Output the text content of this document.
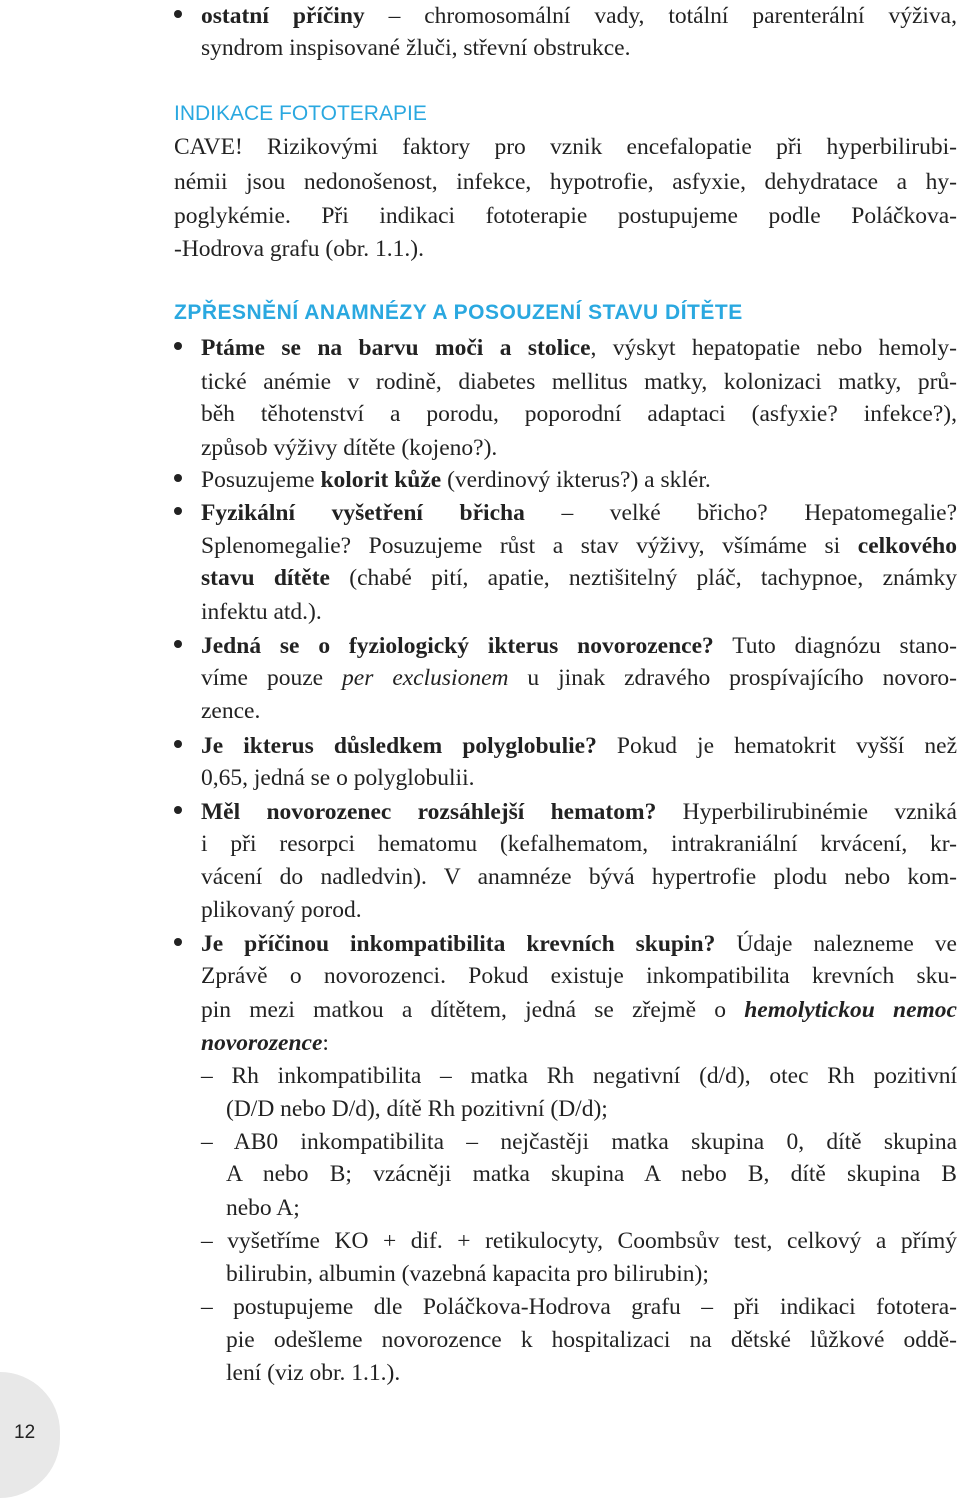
ostatní příčiny – chromosomální vady, totální parenterální výživa,
syndrom inspisované žluči, střevní obstrukce.
INDIKACE FOTOTERAPIE
CAVE! Rizikovými faktory pro vznik encefalopatie při hyperbilirubi-
némii jsou nedonošenost, infekce, hypotrofie, asfyxie, dehydratace a hy-
poglykémie. Při indikaci fototerapie postupujeme podle Poláčkova-
-Hodrova grafu (obr. 1.1.).
ZPŘESNĚNÍ ANAMNÉZY A POSOUZENÍ STAVU DÍTĚTE
Ptáme se na barvu moči a stolice, výskyt hepatopatie nebo hemoly-
tické anémie v rodině, diabetes mellitus matky, kolonizaci matky, prů-
běh těhotenství a porodu, poporodní adaptaci (asfyxie? infekce?),
způsob výživy dítěte (kojeno?).
Posuzujeme kolorit kůže (verdinový ikterus?) a sklér.
Fyzikální vyšetření břicha – velké břicho? Hepatomegalie?
Splenomegalie? Posuzujeme růst a stav výživy, všímáme si celkového
stavu dítěte (chabé pití, apatie, neztišitelný pláč, tachypnoe, známky
infektu atd.).
Jedná se o fyziologický ikterus novorozence? Tuto diagnózu stano-
víme pouze per exclusionem u jinak zdravého prospívajícího novoro-
zence.
Je ikterus důsledkem polyglobulie? Pokud je hematokrit vyšší než
0,65, jedná se o polyglobulii.
Měl novorozenec rozsáhlejší hematom? Hyperbilirubinémie vzniká
i při resorpci hematomu (kefalhematom, intrakraniální krvácení, kr-
vácení do nadledvin). V anamnéze bývá hypertrofie plodu nebo kom-
plikovaný porod.
Je příčinou inkompatibilita krevních skupin? Údaje nalezneme ve
Zprávě o novorozenci. Pokud existuje inkompatibilita krevních sku-
pin mezi matkou a dítětem, jedná se zřejmě o hemolytickou nemoc
novorozence:
– Rh inkompatibilita – matka Rh negativní (d/d), otec Rh pozitivní
(D/D nebo D/d), dítě Rh pozitivní (D/d);
– AB0 inkompatibilita – nejčastěji matka skupina 0, dítě skupina
A nebo B; vzácněji matka skupina A nebo B, dítě skupina B
nebo A;
– vyšetříme KO + dif. + retikulocyty, Coombsův test, celkový a přímý
bilirubin, albumin (vazebná kapacita pro bilirubin);
– postupujeme dle Poláčkova-Hodrova grafu – při indikaci fototera-
pie odešleme novorozence k hospitalizaci na dětské lůžkové oddě-
lení (viz obr. 1.1.).
12
